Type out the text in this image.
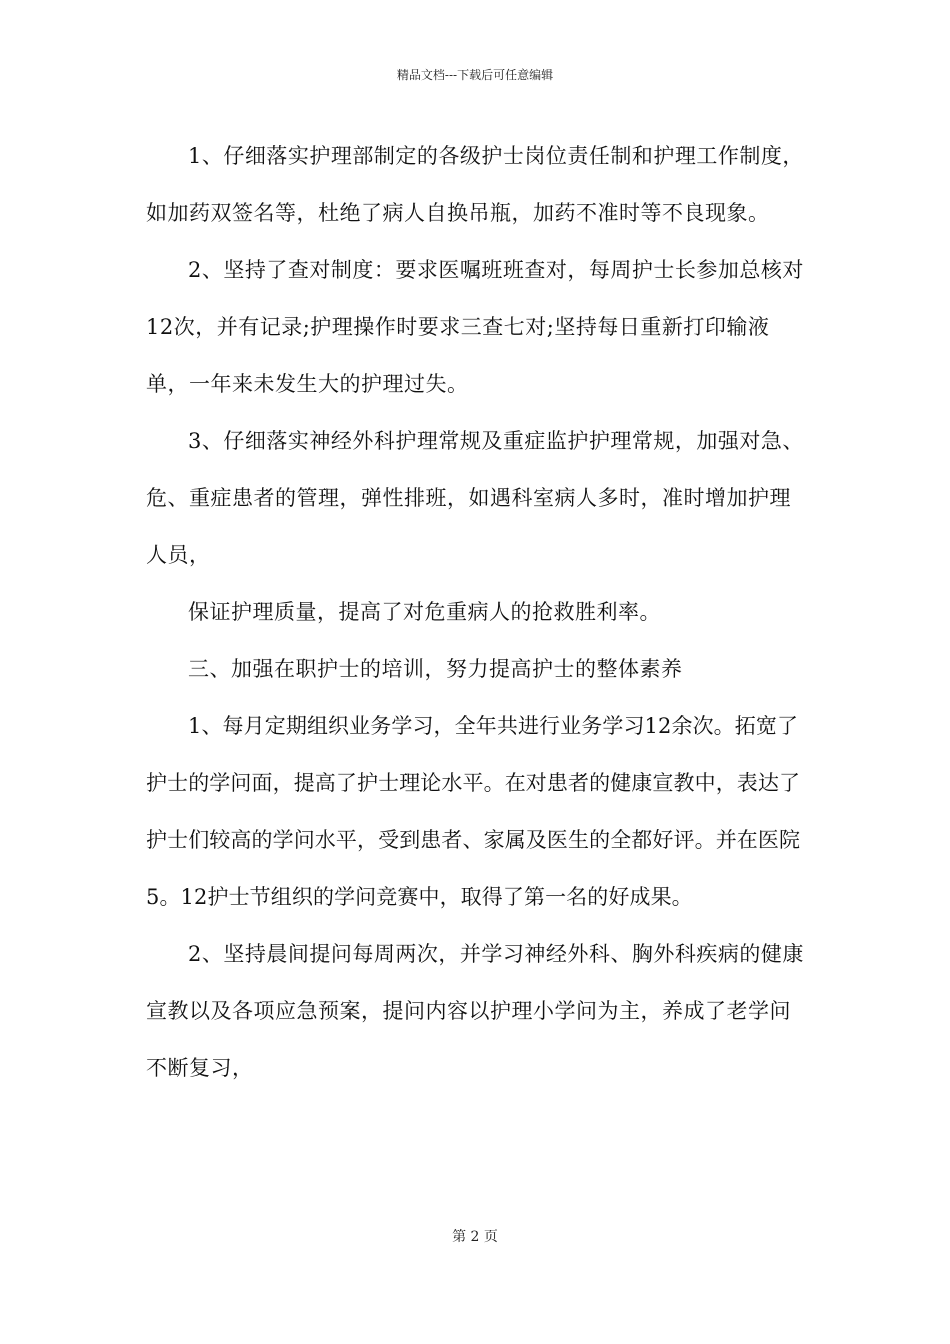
精品文档---下载后可任意编辑

1、仔细落实护理部制定的各级护士岗位责任制和护理工作制度，如加药双签名等，杜绝了病人自换吊瓶，加药不准时等不良现象。

2、坚持了查对制度：要求医嘱班班查对，每周护士长参加总核对12次，并有记录;护理操作时要求三查七对;坚持每日重新打印输液单，一年来未发生大的护理过失。

3、仔细落实神经外科护理常规及重症监护护理常规，加强对急、危、重症患者的管理，弹性排班，如遇科室病人多时，准时增加护理人员，

保证护理质量，提高了对危重病人的抢救胜利率。

三、加强在职护士的培训，努力提高护士的整体素养

1、每月定期组织业务学习，全年共进行业务学习12余次。拓宽了护士的学问面，提高了护士理论水平。在对患者的健康宣教中，表达了护士们较高的学问水平，受到患者、家属及医生的全都好评。并在医院5。12护士节组织的学问竞赛中，取得了第一名的好成果。

2、坚持晨间提问每周两次，并学习神经外科、胸外科疾病的健康宣教以及各项应急预案，提问内容以护理小学问为主，养成了老学问不断复习，

第 2 页
